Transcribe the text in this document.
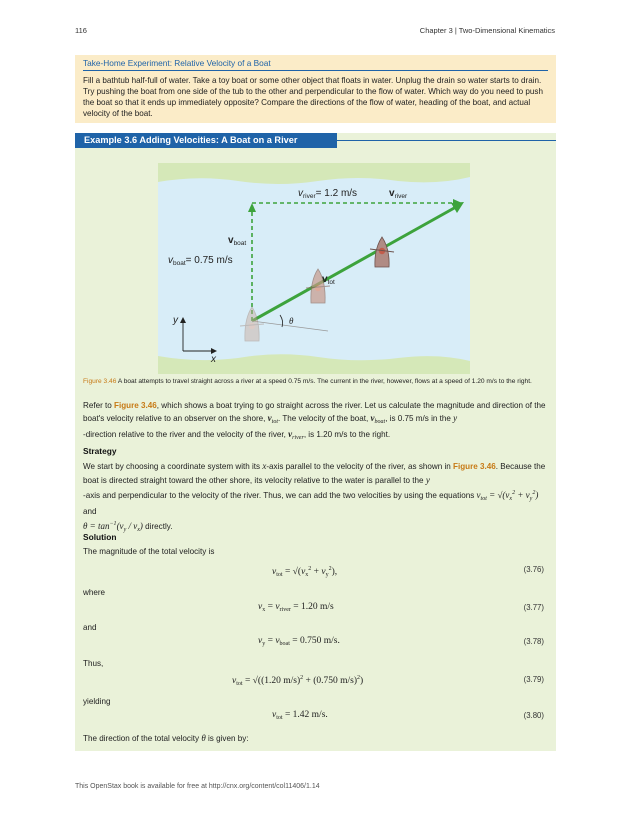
116	Chapter 3 | Two-Dimensional Kinematics
Take-Home Experiment: Relative Velocity of a Boat
Fill a bathtub half-full of water. Take a toy boat or some other object that floats in water. Unplug the drain so water starts to drain. Try pushing the boat from one side of the tub to the other and perpendicular to the flow of water. Which way do you need to push the boat so that it ends up immediately opposite? Compare the directions of the flow of water, heading of the boat, and actual velocity of the boat.
Example 3.6 Adding Velocities: A Boat on a River
θ
$v_{river}= 1.2$ m/s	$v_{river}$
$v_{boat}$
$v_{boat}= 0.75$ m/s
$v_{tot}$
y
x
Figure 3.46 A boat attempts to travel straight across a river at a speed 0.75 m/s. The current in the river, however, flows at a speed of 1.20 m/s to the right.
Refer to Figure 3.46, which shows a boat trying to go straight across the river. Let us calculate the magnitude and direction of the boat's velocity relative to an observer on the shore, $v_{tot}$. The velocity of the boat, $v_{boat}$, is 0.75 m/s in the y
-direction relative to the river and the velocity of the river, $v_{river}$, is 1.20 m/s to the right.
Strategy
We start by choosing a coordinate system with its x-axis parallel to the velocity of the river, as shown in Figure 3.46. Because the boat is directed straight toward the other shore, its velocity relative to the water is parallel to the y
-axis and perpendicular to the velocity of the river. Thus, we can add the two velocities by using the equations $v_{tot} = √(v_x^2 + v_y^2)$ and
$\theta = \tan^{-1}(v_y / v_x)$ directly.
Solution
The magnitude of the total velocity is
$v_{tot} = √(v_x^2 + v_y^2)$,	(3.76)
where
$v_x = v_{river} = 1.20$ m/s	(3.77)
and
$v_y = v_{boat} = 0.750$ m/s.	(3.78)
Thus,
$v_{tot} = √((1.20$ m/s)$^2$ + (0.750 m/s)$^2$)	(3.79)
yielding
$v_{tot} = 1.42$ m/s.	(3.80)
The direction of the total velocity θ is given by:
This OpenStax book is available for free at http://cnx.org/content/col11406/1.14
